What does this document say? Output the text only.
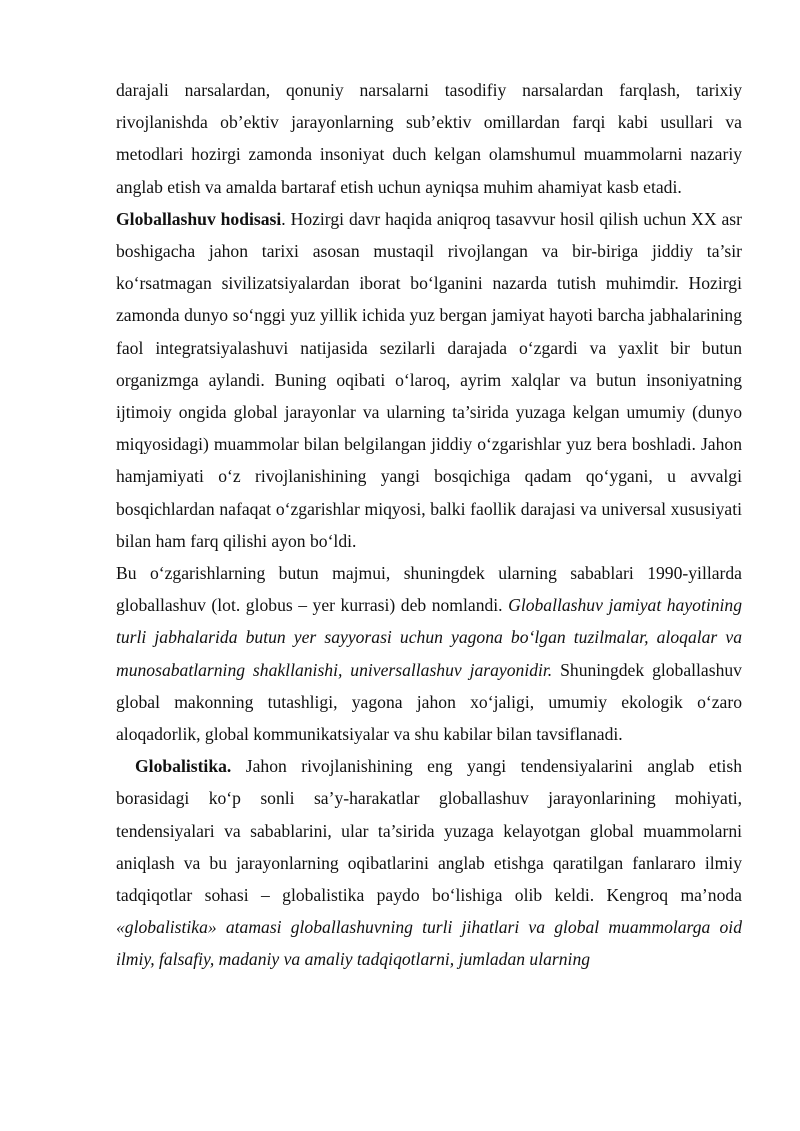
darajali narsalardan, qonuniy narsalarni tasodifiy narsalardan farqlash, tarixiy rivojlanishda ob’ektiv jarayonlarning sub’ektiv omillardan farqi kabi usullari va metodlari hozirgi zamonda insoniyat duch kelgan olamshumul muammolarni nazariy anglab etish va amalda bartaraf etish uchun ayniqsa muhim ahamiyat kasb etadi.

Globallashuv hodisasi. Hozirgi davr haqida aniqroq tasavvur hosil qilish uchun XX asr boshigacha jahon tarixi asosan mustaqil rivojlangan va bir-biriga jiddiy ta’sir ko‘rsatmagan sivilizatsiyalardan iborat bo‘lganini nazarda tutish muhimdir. Hozirgi zamonda dunyo so‘nggi yuz yillik ichida yuz bergan jamiyat hayoti barcha jabhalarining faol integratsiyalashuvi natijasida sezilarli darajada o‘zgardi va yaxlit bir butun organizmga aylandi. Buning oqibati o‘laroq, ayrim xalqlar va butun insoniyatning ijtimoiy ongida global jarayonlar va ularning ta’sirida yuzaga kelgan umumiy (dunyo miqyosidagi) muammolar bilan belgilangan jiddiy o‘zgarishlar yuz bera boshladi. Jahon hamjamiyati o‘z rivojlanishining yangi bosqichiga qadam qo‘ygani, u avvalgi bosqichlardan nafaqat o‘zgarishlar miqyosi, balki faollik darajasi va universal xususiyati bilan ham farq qilishi ayon bo‘ldi.

Bu o‘zgarishlarning butun majmui, shuningdek ularning sabablari 1990-yillarda globallashuv (lot. globus – yer kurrasi) deb nomlandi. Globallashuv jamiyat hayotining turli jabhalarida butun yer sayyorasi uchun yagona bo‘lgan tuzilmalar, aloqalar va munosabatlarning shakllanishi, universallashuv jarayonidir. Shuningdek globallashuv global makonning tutashligi, yagona jahon xo‘jaligi, umumiy ekologik o‘zaro aloqadorlik, global kommunikatsiyalar va shu kabilar bilan tavsiflanadi.

Globalistika. Jahon rivojlanishining eng yangi tendensiyalarini anglab etish borasidagi ko‘p sonli sa’y-harakatlar globallashuv jarayonlarining mohiyati, tendensiyalari va sabablarini, ular ta’sirida yuzaga kelayotgan global muammolarni aniqlash va bu jarayonlarning oqibatlarini anglab etishga qaratilgan fanlararo ilmiy tadqiqotlar sohasi – globalistika paydo bo‘lishiga olib keldi. Kengroq ma’noda «globalistika» atamasi globallashuvning turli jihatlari va global muammolarga oid ilmiy, falsafiy, madaniy va amaliy tadqiqotlarni, jumladan ularning
